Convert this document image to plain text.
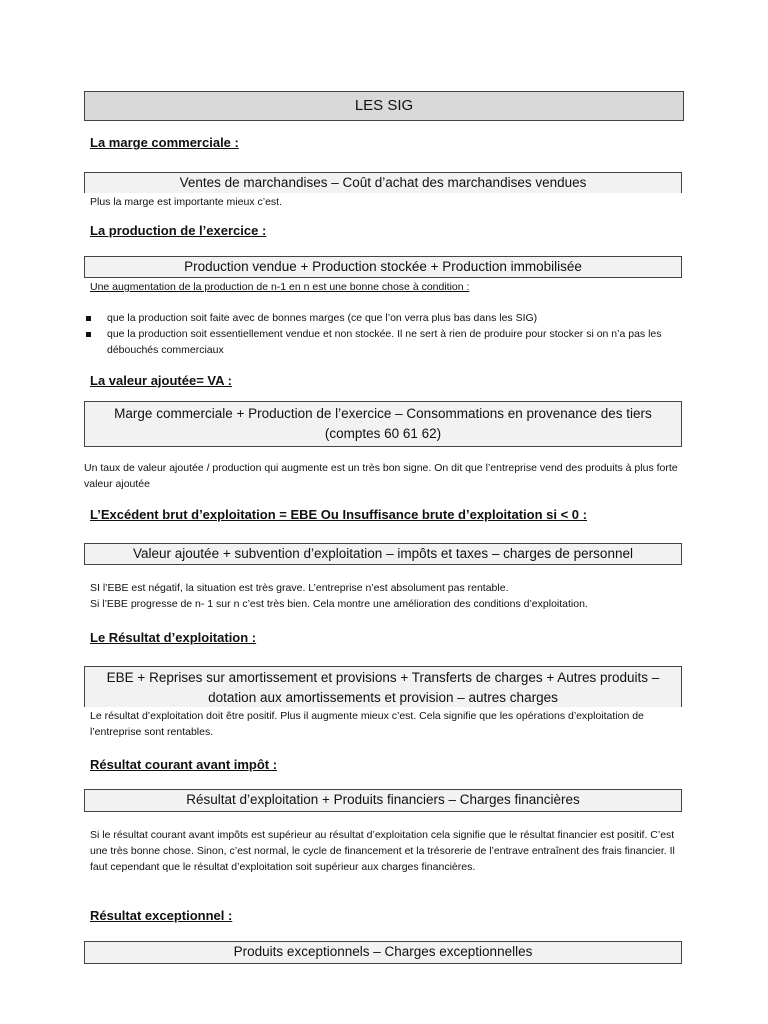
LES SIG
La marge commerciale :
Ventes de marchandises – Coût d’achat des marchandises vendues
Plus la marge est importante mieux c’est.
La production de l’exercice :
Production vendue + Production stockée + Production immobilisée
Une augmentation de la production de n-1 en n est une bonne chose à condition :
que la production soit faite avec de bonnes marges (ce que l’on verra plus bas dans les SIG)
que la production soit essentiellement vendue et non stockée. Il ne sert à rien de produire pour stocker si on n’a pas les débouchés commerciaux
La valeur ajoutée= VA :
Marge commerciale + Production de l’exercice – Consommations en provenance des tiers (comptes 60 61 62)
Un taux de valeur ajoutée / production qui augmente est un très bon signe. On dit que l’entreprise vend des produits à plus forte valeur ajoutée
L’Excédent brut d’exploitation = EBE Ou Insuffisance brute d’exploitation si < 0 :
Valeur ajoutée + subvention d’exploitation – impôts et taxes – charges de personnel
SI l’EBE est négatif, la situation est très grave. L’entreprise n’est absolument pas rentable.
Si l’EBE progresse de n- 1 sur n c’est très bien. Cela montre une amélioration des conditions d’exploitation.
Le Résultat d’exploitation :
EBE + Reprises sur amortissement et provisions + Transferts de charges + Autres produits – dotation aux amortissements et provision – autres charges
Le résultat d’exploitation doit être positif. Plus il augmente mieux c’est. Cela signifie que les opérations d’exploitation de l’entreprise sont rentables.
Résultat courant avant impôt :
Résultat d’exploitation + Produits financiers – Charges financières
Si le résultat courant avant impôts est supérieur au résultat d’exploitation cela signifie que le résultat financier est positif. C’est une très bonne chose. Sinon, c’est normal, le cycle de financement et la trésorerie de l’entrave entraînent des frais financier. Il faut cependant que le résultat d’exploitation soit supérieur aux charges financières.
Résultat exceptionnel :
Produits exceptionnels – Charges exceptionnelles
